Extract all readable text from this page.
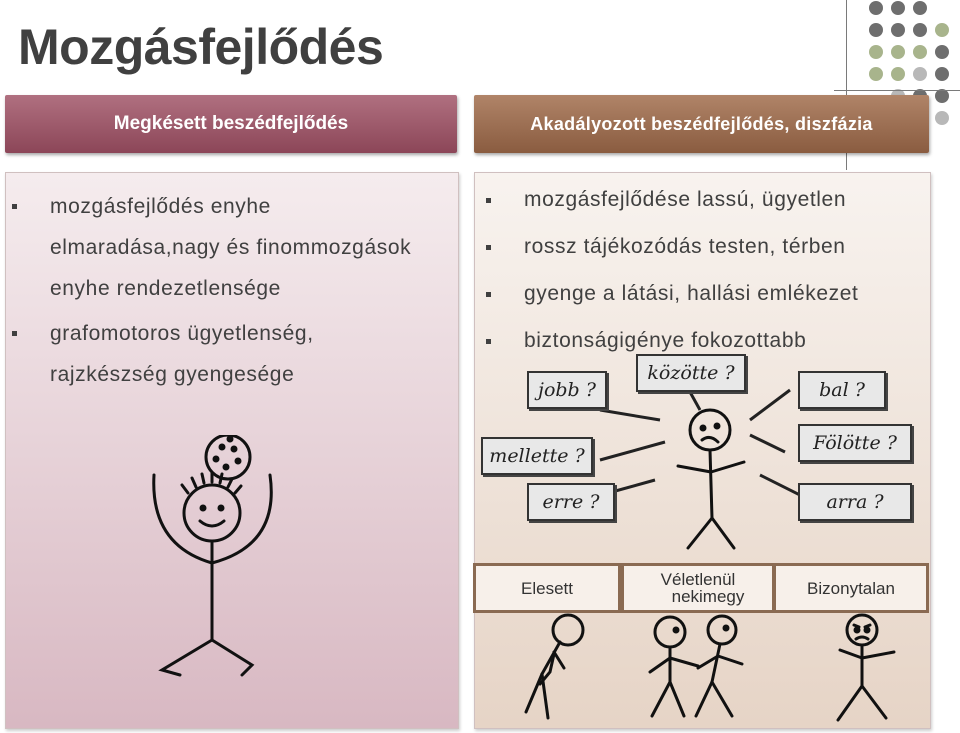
Mozgásfejlődés
Megkésett beszédfejlődés	Akadályozott beszédfejlődés, diszfázia
mozgásfejlődés enyhe elmaradása,nagy és finommozgások enyhe rendezetlensége
grafomotoros ügyetlenség, rajzkészség gyengesége
mozgásfejlődése lassú, ügyetlen
rossz tájékozódás testen, térben
gyenge a látási, hallási emlékezet
biztonságigénye fokozottabb
jobb ?
közötte ?
bal ?
mellette ?
Fölötte ?
erre ?	arra ?
Elesett	Véletlenül
nekimegy	Bizonytalan
